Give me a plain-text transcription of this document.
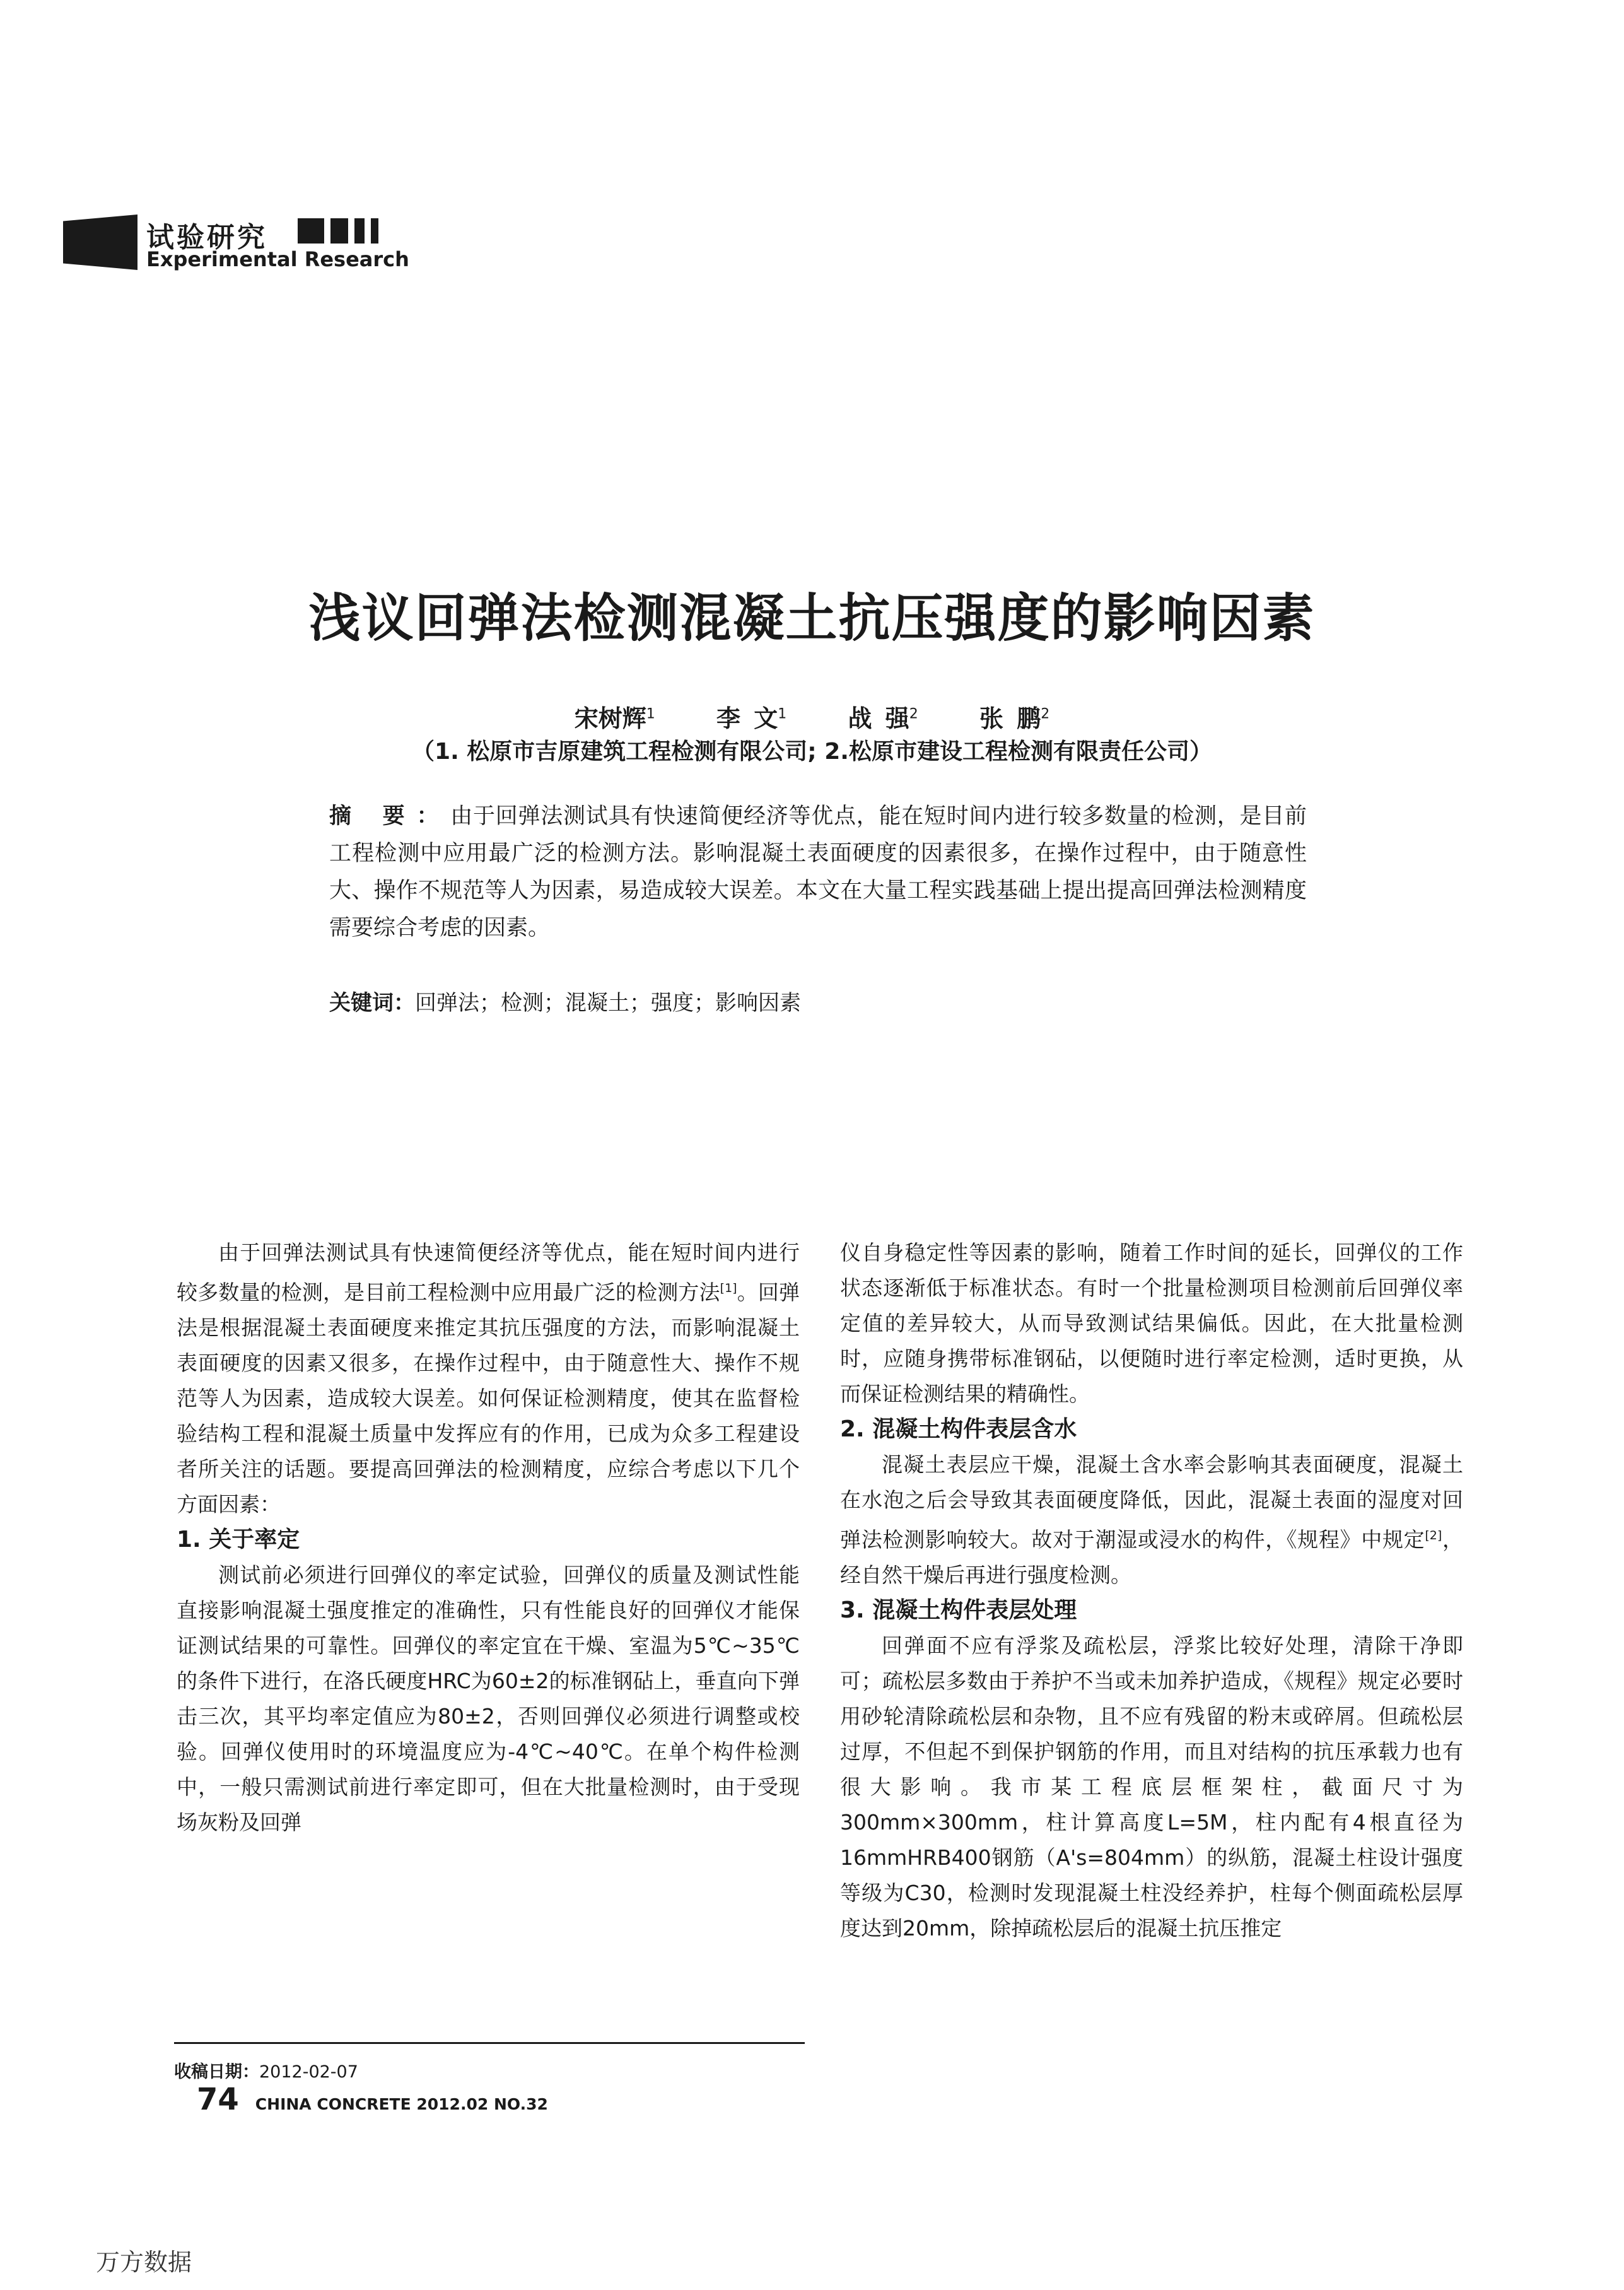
试验研究
Experimental Research
浅议回弹法检测混凝土抗压强度的影响因素
宋树辉$^1$	李 文$^1$	战 强$^2$	张 鹏$^2$
（1. 松原市吉原建筑工程检测有限公司; 2.松原市建设工程检测有限责任公司）
摘 要：由于回弹法测试具有快速简便经济等优点，能在短时间内进行较多数量的检测，是目前工程检测中应用最广泛的检测方法。影响混凝土表面硬度的因素很多，在操作过程中，由于随意性大、操作不规范等人为因素，易造成较大误差。本文在大量工程实践基础上提出提高回弹法检测精度需要综合考虑的因素。
关键词：回弹法；检测；混凝土；强度；影响因素

由于回弹法测试具有快速简便经济等优点，能在短时间内进行较多数量的检测，是目前工程检测中应用最广泛的检测方法[1]。回弹法是根据混凝土表面硬度来推定其抗压强度的方法，而影响混凝土表面硬度的因素又很多，在操作过程中，由于随意性大、操作不规范等人为因素，造成较大误差。如何保证检测精度，使其在监督检验结构工程和混凝土质量中发挥应有的作用，已成为众多工程建设者所关注的话题。要提高回弹法的检测精度，应综合考虑以下几个方面因素：

1. 关于率定

测试前必须进行回弹仪的率定试验，回弹仪的质量及测试性能直接影响混凝土强度推定的准确性，只有性能良好的回弹仪才能保证测试结果的可靠性。回弹仪的率定宜在干燥、室温为5℃~35℃的条件下进行，在洛氏硬度HRC为60±2的标准钢砧上，垂直向下弹击三次，其平均率定值应为80±2，否则回弹仪必须进行调整或校验。回弹仪使用时的环境温度应为-4℃~40℃。在单个构件检测中，一般只需测试前进行率定即可，但在大批量检测时，由于受现场灰粉及回弹

仪自身稳定性等因素的影响，随着工作时间的延长，回弹仪的工作状态逐渐低于标准状态。有时一个批量检测项目检测前后回弹仪率定值的差异较大，从而导致测试结果偏低。因此，在大批量检测时，应随身携带标准钢砧，以便随时进行率定检测，适时更换，从而保证检测结果的精确性。

2. 混凝土构件表层含水

混凝土表层应干燥，混凝土含水率会影响其表面硬度，混凝土在水泡之后会导致其表面硬度降低，因此，混凝土表面的湿度对回弹法检测影响较大。故对于潮湿或浸水的构件，《规程》中规定[2]，经自然干燥后再进行强度检测。

3. 混凝土构件表层处理

回弹面不应有浮浆及疏松层，浮浆比较好处理，清除干净即可；疏松层多数由于养护不当或未加养护造成，《规程》规定必要时用砂轮清除疏松层和杂物，且不应有残留的粉末或碎屑。但疏松层过厚，不但起不到保护钢筋的作用，而且对结构的抗压承载力也有很大影响。我市某工程底层框架柱，截面尺寸为300mm×300mm，柱计算高度L=5M，柱内配有4根直径为16mmHRB400钢筋（A's=804mm）的纵筋，混凝土柱设计强度等级为C30，检测时发现混凝土柱没经养护，柱每个侧面疏松层厚度达到20mm，除掉疏松层后的混凝土抗压推定

收稿日期：2012-02-07
74 CHINA CONCRETE 2012.02 NO.32
万方数据
